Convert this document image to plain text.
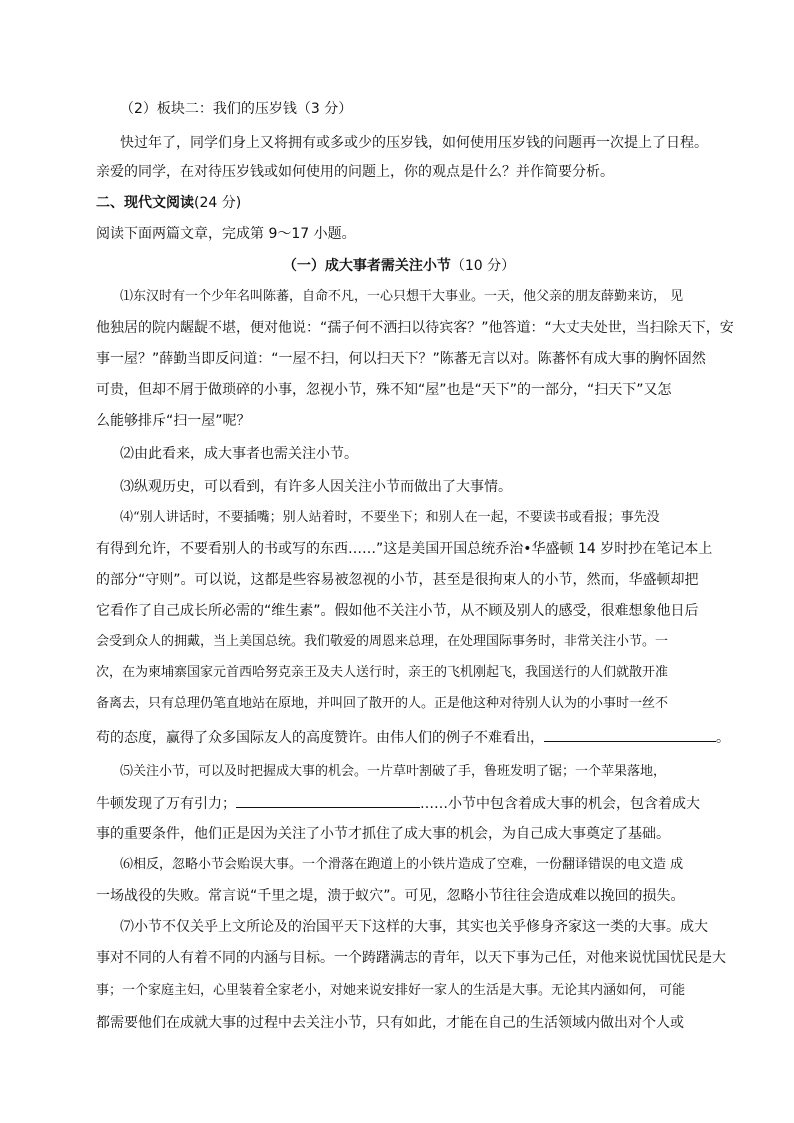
（2）板块二：我们的压岁钱（3 分）
快过年了，同学们身上又将拥有或多或少的压岁钱，如何使用压岁钱的问题再一次提上了日程。
亲爱的同学，在对待压岁钱或如何使用的问题上，你的观点是什么？并作简要分析。
二、现代文阅读(24 分)
阅读下面两篇文章，完成第 9～17 小题。
（一）成大事者需关注小节（10 分）
⑴东汉时有一个少年名叫陈蕃，自命不凡，一心只想干大事业。一天，他父亲的朋友薛勤来访， 见
他独居的院内龌龊不堪，便对他说：“孺子何不洒扫以待宾客？”他答道：“大丈夫处世，当扫除天下，安
事一屋？”薛勤当即反问道：“一屋不扫，何以扫天下？”陈蕃无言以对。陈蕃怀有成大事的胸怀固然
可贵，但却不屑于做琐碎的小事，忽视小节，殊不知“屋”也是“天下”的一部分，“扫天下”又怎
么能够排斥“扫一屋”呢？
⑵由此看来，成大事者也需关注小节。
⑶纵观历史，可以看到，有许多人因关注小节而做出了大事情。
⑷“别人讲话时，不要插嘴；别人站着时，不要坐下；和别人在一起，不要读书或看报；事先没
有得到允许，不要看别人的书或写的东西……”这是美国开国总统乔治•华盛顿 14 岁时抄在笔记本上
的部分“守则”。可以说，这都是些容易被忽视的小节，甚至是很拘束人的小节，然而，华盛顿却把
它看作了自己成长所必需的“维生素”。假如他不关注小节，从不顾及别人的感受，很难想象他日后
会受到众人的拥戴，当上美国总统。我们敬爱的周恩来总理，在处理国际事务时，非常关注小节。一
次，在为柬埔寨国家元首西哈努克亲王及夫人送行时，亲王的飞机刚起飞，我国送行的人们就散开准
备离去，只有总理仍笔直地站在原地，并叫回了散开的人。正是他这种对待别人认为的小事时一丝不
苟的态度，赢得了众多国际友人的高度赞许。由伟人们的例子不难看出，	。
⑸关注小节，可以及时把握成大事的机会。一片草叶割破了手，鲁班发明了锯；一个苹果落地，
牛顿发现了万有引力；	……小节中包含着成大事的机会，包含着成大
事的重要条件，他们正是因为关注了小节才抓住了成大事的机会，为自己成大事奠定了基础。
⑹相反，忽略小节会贻误大事。一个滑落在跑道上的小铁片造成了空难，一份翻译错误的电文造 成
一场战役的失败。常言说“千里之堤，溃于蚁穴”。可见，忽略小节往往会造成难以挽回的损失。
⑺小节不仅关乎上文所论及的治国平天下这样的大事，其实也关乎修身齐家这一类的大事。成大
事对不同的人有着不同的内涵与目标。一个踌躇满志的青年，以天下事为己任，对他来说忧国忧民是大
事；一个家庭主妇，心里装着全家老小，对她来说安排好一家人的生活是大事。无论其内涵如何， 可能
都需要他们在成就大事的过程中去关注小节，只有如此，才能在自己的生活领域内做出对个人或
